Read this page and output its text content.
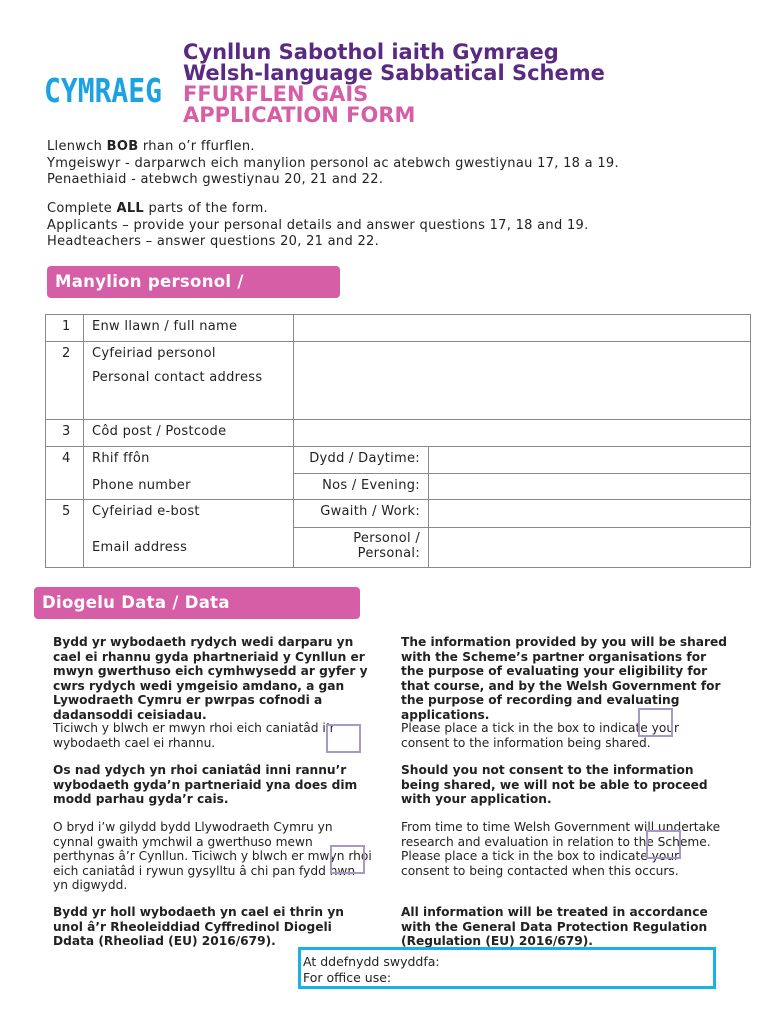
CYMRAEG
Cynllun Sabothol iaith Gymraeg
Welsh-language Sabbatical Scheme
FFURFLEN GAIS
APPLICATION FORM
Llenwch BOB rhan o’r ffurflen.
Ymgeiswyr - darparwch eich manylion personol ac atebwch gwestiynau 17, 18 a 19.
Penaethiaid - atebwch gwestiynau 20, 21 and 22.
Complete ALL parts of the form.
Applicants – provide your personal details and answer questions 17, 18 and 19.
Headteachers – answer questions 20, 21 and 22.
Manylion personol /
1	Enw llawn / full name		
2	Cyfeiriad personol
Personal contact address		

3	Côd post / Postcode		
4	Rhif ffôn	Dydd / Daytime:	
	Phone number	Nos / Evening:	
5	Cyfeiriad e-bost	Gwaith / Work:	
	Email address	Personol / Personal:	
Diogelu Data / Data
Bydd yr wybodaeth rydych wedi darparu yn cael ei rhannu gyda phartneriaid y Cynllun er mwyn gwerthuso eich cymhwysedd ar gyfer y cwrs rydych wedi ymgeisio amdano, a gan Lywodraeth Cymru er pwrpas cofnodi a dadansoddi ceisiadau.
Ticiwch y blwch er mwyn rhoi eich caniatâd i’r wybodaeth cael ei rhannu.
The information provided by you will be shared with the Scheme’s partner organisations for the purpose of evaluating your eligibility for that course, and by the Welsh Government for the purpose of recording and evaluating applications.
Please place a tick in the box to indicate your consent to the information being shared.
Os nad ydych yn rhoi caniatâd inni rannu’r wybodaeth gyda’n partneriaid yna does dim modd parhau gyda’r cais.
Should you not consent to the information being shared, we will not be able to proceed with your application.
O bryd i’w gilydd bydd Llywodraeth Cymru yn cynnal gwaith ymchwil a gwerthuso mewn perthynas â’r Cynllun. Ticiwch y blwch er mwyn rhoi eich caniatâd i rywun gysylltu â chi pan fydd hwn yn digwydd.
From time to time Welsh Government will undertake research and evaluation in relation to the Scheme. Please place a tick in the box to indicate your consent to being contacted when this occurs.
Bydd yr holl wybodaeth yn cael ei thrin yn unol â’r Rheoleiddiad Cyffredinol Diogeli Ddata (Rheoliad (EU) 2016/679).
All information will be treated in accordance with the General Data Protection Regulation (Regulation (EU) 2016/679).
At ddefnydd swyddfa:
For office use:
